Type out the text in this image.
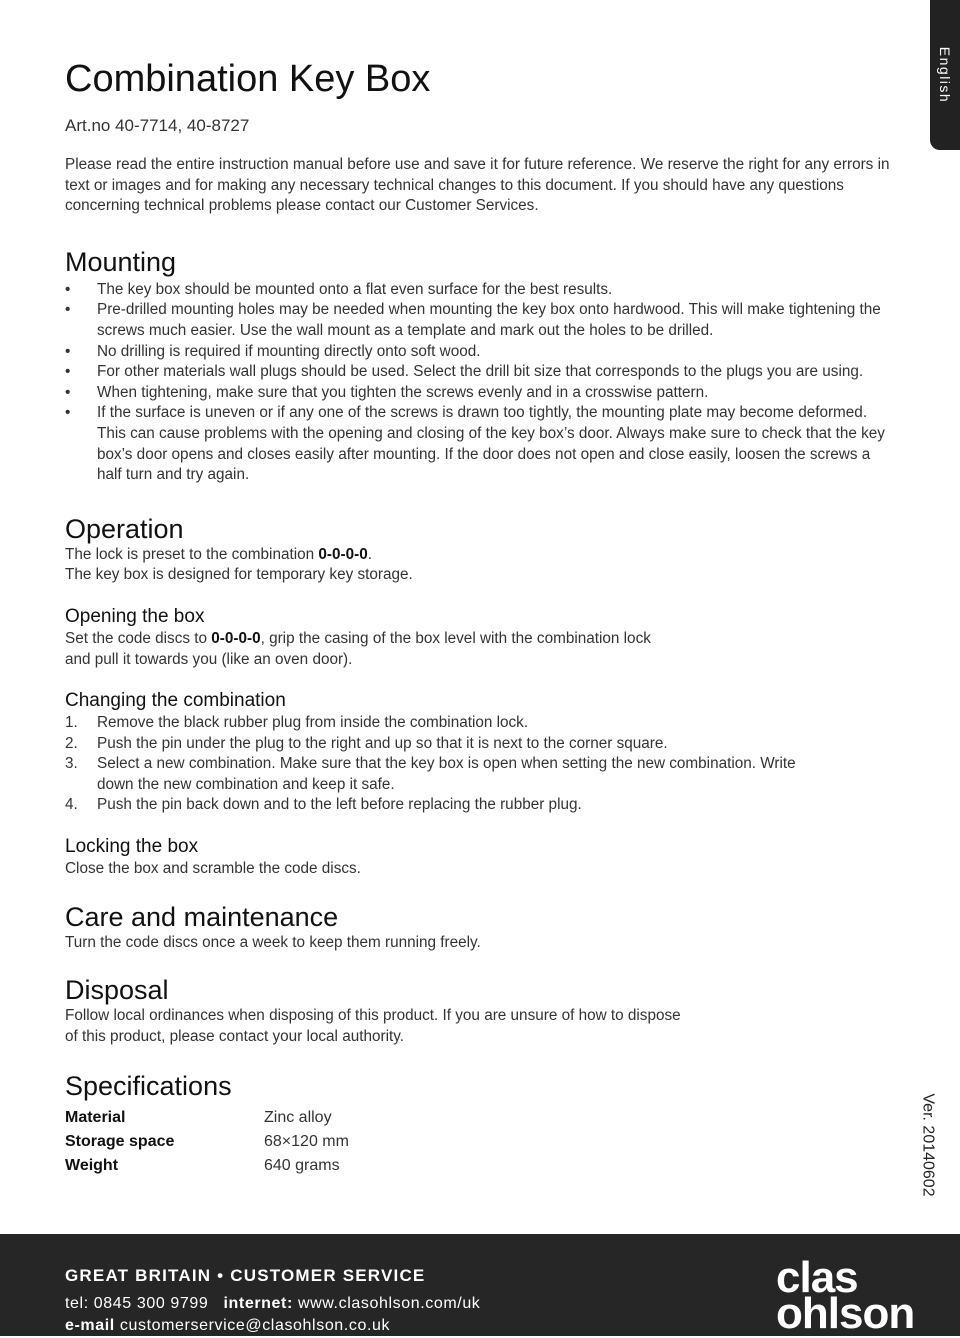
English
Combination Key Box

Art.no 40-7714, 40-8727

Please read the entire instruction manual before use and save it for future reference. We reserve the right for any errors in text or images and for making any necessary technical changes to this document. If you should have any questions concerning technical problems please contact our Customer Services.

Mounting
• The key box should be mounted onto a flat even surface for the best results.
• Pre-drilled mounting holes may be needed when mounting the key box onto hardwood. This will make tightening the screws much easier. Use the wall mount as a template and mark out the holes to be drilled.
• No drilling is required if mounting directly onto soft wood.
• For other materials wall plugs should be used. Select the drill bit size that corresponds to the plugs you are using.
• When tightening, make sure that you tighten the screws evenly and in a crosswise pattern.
• If the surface is uneven or if any one of the screws is drawn too tightly, the mounting plate may become deformed. This can cause problems with the opening and closing of the key box’s door. Always make sure to check that the key box’s door opens and closes easily after mounting. If the door does not open and close easily, loosen the screws a half turn and try again.
Operation

The lock is preset to the combination 0-0-0-0.
The key box is designed for temporary key storage.

Opening the box

Set the code discs to 0-0-0-0, grip the casing of the box level with the combination lock
and pull it towards you (like an oven door).

Changing the combination
1. Remove the black rubber plug from inside the combination lock.
2. Push the pin under the plug to the right and up so that it is next to the corner square.
3. Select a new combination. Make sure that the key box is open when setting the new combination. Write down the new combination and keep it safe.
4. Push the pin back down and to the left before replacing the rubber plug.
Locking the box

Close the box and scramble the code discs.

Care and maintenance

Turn the code discs once a week to keep them running freely.

Disposal

Follow local ordinances when disposing of this product. If you are unsure of how to dispose
of this product, please contact your local authority.

Specifications
Material	Zinc alloy
Storage space	68×120 mm
Weight	640 grams	Ver. 20140602
GREAT BRITAIN • CUSTOMER SERVICE
tel: 0845 300 9799 internet: www.clasohlson.com/uk
e-mail customerservice@clasohlson.co.uk
clas
ohlson
